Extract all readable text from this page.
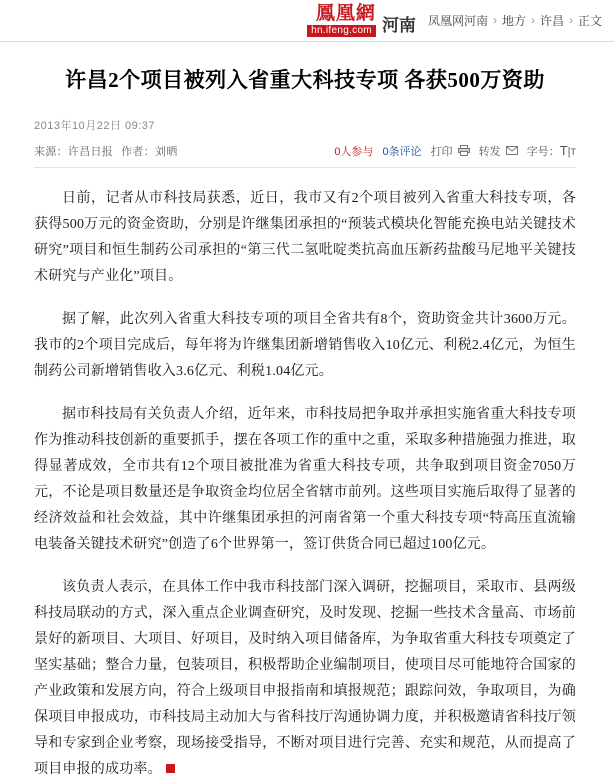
鳳凰網
hn.ifeng.com 河南 凤凰网河南 › 地方 › 许昌 › 正文
许昌2个项目被列入省重大科技专项 各获500万资助
2013年10月22日 09:37
来源：许昌日报 作者：刘晒	0人参与 0条评论 打印	转发	字号：T|T

日前，记者从市科技局获悉，近日，我市又有2个项目被列入省重大科技专项，各获得500万元的资金资助，分别是许继集团承担的“预装式模块化智能充换电站关键技术研究”项目和恒生制药公司承担的“第三代二氢吡啶类抗高血压新药盐酸马尼地平关键技术研究与产业化”项目。

据了解，此次列入省重大科技专项的项目全省共有8个，资助资金共计3600万元。我市的2个项目完成后，每年将为许继集团新增销售收入10亿元、利税2.4亿元，为恒生制药公司新增销售收入3.6亿元、利税1.04亿元。

据市科技局有关负责人介绍，近年来，市科技局把争取并承担实施省重大科技专项作为推动科技创新的重要抓手，摆在各项工作的重中之重，采取多种措施强力推进，取得显著成效，全市共有12个项目被批准为省重大科技专项，共争取到项目资金7050万元，不论是项目数量还是争取资金均位居全省辖市前列。这些项目实施后取得了显著的经济效益和社会效益，其中许继集团承担的河南省第一个重大科技专项“特高压直流输电装备关键技术研究”创造了6个世界第一，签订供货合同已超过100亿元。

该负责人表示，在具体工作中我市科技部门深入调研，挖掘项目，采取市、县两级科技局联动的方式，深入重点企业调查研究，及时发现、挖掘一些技术含量高、市场前景好的新项目、大项目、好项目，及时纳入项目储备库，为争取省重大科技专项奠定了坚实基础；整合力量，包装项目，积极帮助企业编制项目，使项目尽可能地符合国家的产业政策和发展方向，符合上级项目申报指南和填报规范；跟踪问效，争取项目，为确保项目申报成功，市科技局主动加大与省科技厅沟通协调力度，并积极邀请省科技厅领导和专家到企业考察，现场接受指导，不断对项目进行完善、充实和规范，从而提高了项目申报的成功率。
